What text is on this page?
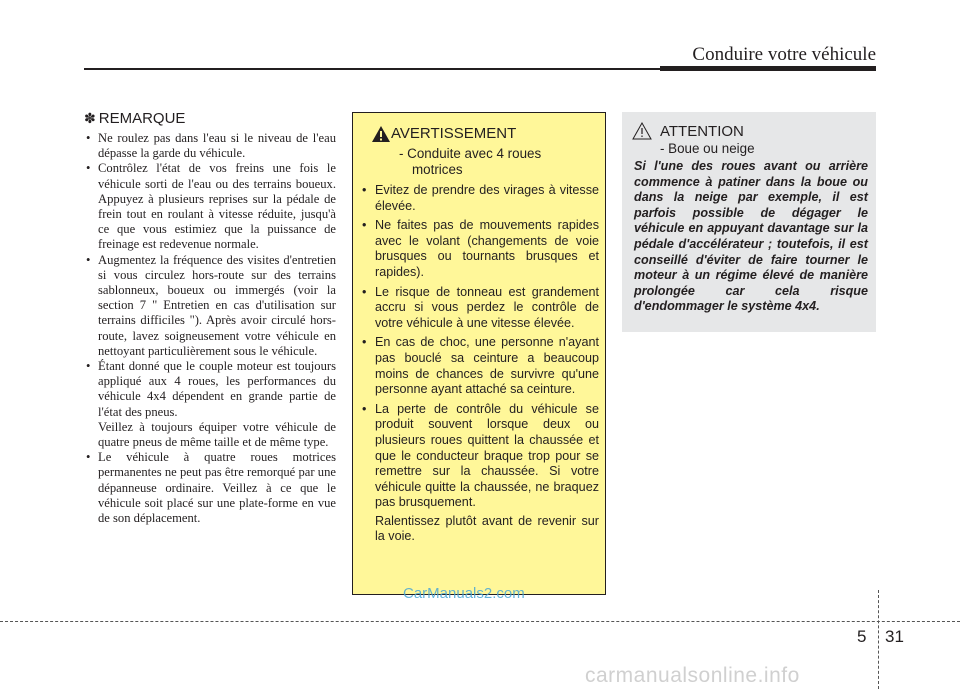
Conduire votre véhicule
✽ REMARQUE
• Ne roulez pas dans l'eau si le niveau de l'eau dépasse la garde du véhicule.
• Contrôlez l'état de vos freins une fois le véhicule sorti de l'eau ou des terrains boueux. Appuyez à plusieurs reprises sur la pédale de frein tout en roulant à vitesse réduite, jusqu'à ce que vous estimiez que la puissance de freinage est redevenue normale.
• Augmentez la fréquence des visites d'entretien si vous circulez hors-route sur des terrains sablonneux, boueux ou immergés (voir la section 7 " Entretien en cas d'utilisation sur terrains difficiles "). Après avoir circulé hors-route, lavez soigneusement votre véhicule en nettoyant particulièrement sous le véhicule.
• Étant donné que le couple moteur est toujours appliqué aux 4 roues, les performances du véhicule 4x4 dépendent en grande partie de l'état des pneus.
Veillez à toujours équiper votre véhicule de quatre pneus de même taille et de même type.
• Le véhicule à quatre roues motrices permanentes ne peut pas être remorqué par une dépanneuse ordinaire. Veillez à ce que le véhicule soit placé sur une plate-forme en vue de son déplacement.
AVERTISSEMENT
- Conduite avec 4 roues
motrices
• Evitez de prendre des virages à vitesse élevée.
• Ne faites pas de mouvements rapides avec le volant (changements de voie brusques ou tournants brusques et rapides).
• Le risque de tonneau est grandement accru si vous perdez le contrôle de votre véhicule à une vitesse élevée.
• En cas de choc, une personne n'ayant pas bouclé sa ceinture a beaucoup moins de chances de survivre qu'une personne ayant attaché sa ceinture.
• La perte de contrôle du véhicule se produit souvent lorsque deux ou plusieurs roues quittent la chaussée et que le conducteur braque trop pour se remettre sur la chaussée. Si votre véhicule quitte la chaussée, ne braquez pas brusquement.
Ralentissez plutôt avant de revenir sur la voie.
ATTENTION
- Boue ou neige
Si l'une des roues avant ou arrière commence à patiner dans la boue ou dans la neige par exemple, il est parfois possible de dégager le véhicule en appuyant davantage sur la pédale d'accélérateur ; toutefois, il est conseillé d'éviter de faire tourner le moteur à un régime élevé de manière prolongée car cela risque d'endommager le système 4x4.
CarManuals2.com
5 31
carmanualsonline.info
